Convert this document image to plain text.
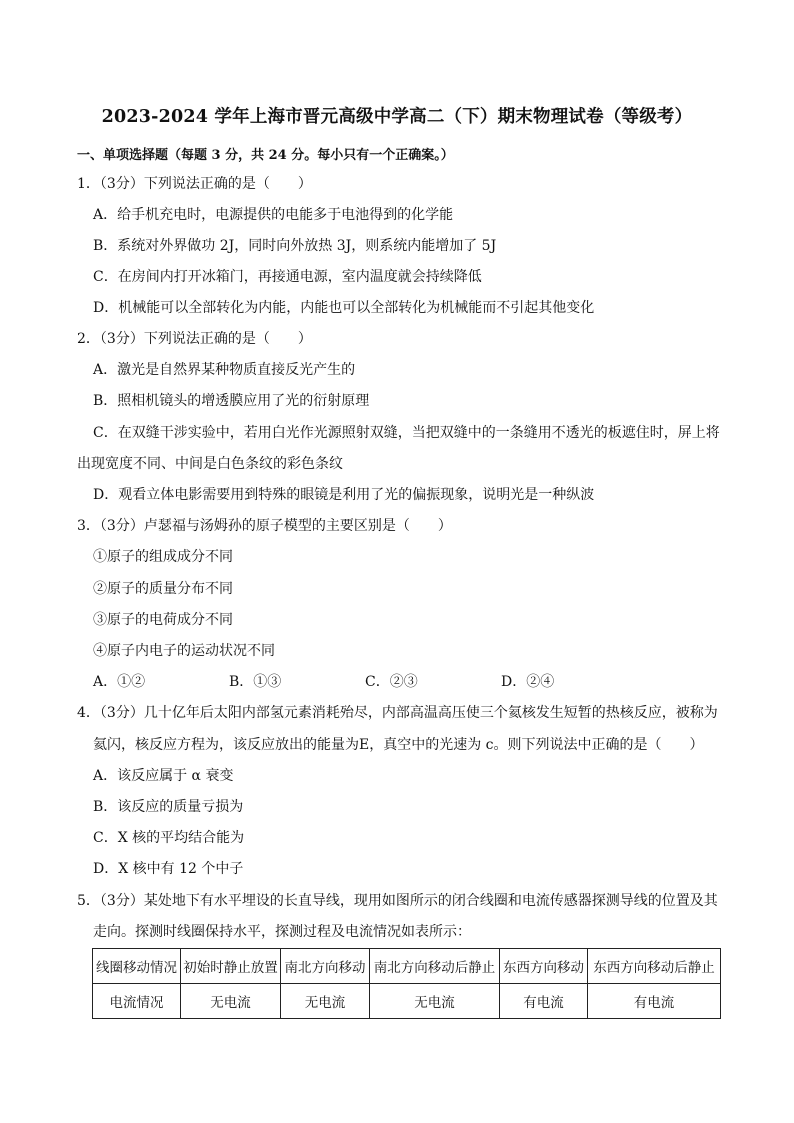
2023-2024 学年上海市晋元高级中学高二（下）期末物理试卷（等级考）
一、单项选择题（每题 3 分，共 24 分。每小只有一个正确案。）
1．（3分）下列说法正确的是（　　）
A．给手机充电时，电源提供的电能多于电池得到的化学能
B．系统对外界做功 2J，同时向外放热 3J，则系统内能增加了 5J
C．在房间内打开冰箱门，再接通电源，室内温度就会持续降低
D．机械能可以全部转化为内能，内能也可以全部转化为机械能而不引起其他变化
2．（3分）下列说法正确的是（　　）
A．激光是自然界某种物质直接反光产生的
B．照相机镜头的增透膜应用了光的衍射原理
C．在双缝干涉实验中，若用白光作光源照射双缝，当把双缝中的一条缝用不透光的板遮住时，屏上将
出现宽度不同、中间是白色条纹的彩色条纹
D．观看立体电影需要用到特殊的眼镜是利用了光的偏振现象，说明光是一种纵波
3．（3分）卢瑟福与汤姆孙的原子模型的主要区别是（　　）
①原子的组成成分不同
②原子的质量分布不同
③原子的电荷成分不同
④原子内电子的运动状况不同
A．①②	B．①③	C．②③	D．②④
4．（3分）几十亿年后太阳内部氢元素消耗殆尽，内部高温高压使三个氦核发生短暂的热核反应，被称为
氦闪，核反应方程为，该反应放出的能量为E，真空中的光速为 c。则下列说法中正确的是（　　）
A．该反应属于 α 衰变
B．该反应的质量亏损为
C．X 核的平均结合能为
D．X 核中有 12 个中子
5．（3分）某处地下有水平埋设的长直导线，现用如图所示的闭合线圈和电流传感器探测导线的位置及其
走向。探测时线圈保持水平，探测过程及电流情况如表所示：
线圈移动情况	初始时静止放置	南北方向移动	南北方向移动后静止	东西方向移动	东西方向移动后静止
电流情况	无电流	无电流	无电流	有电流	有电流
